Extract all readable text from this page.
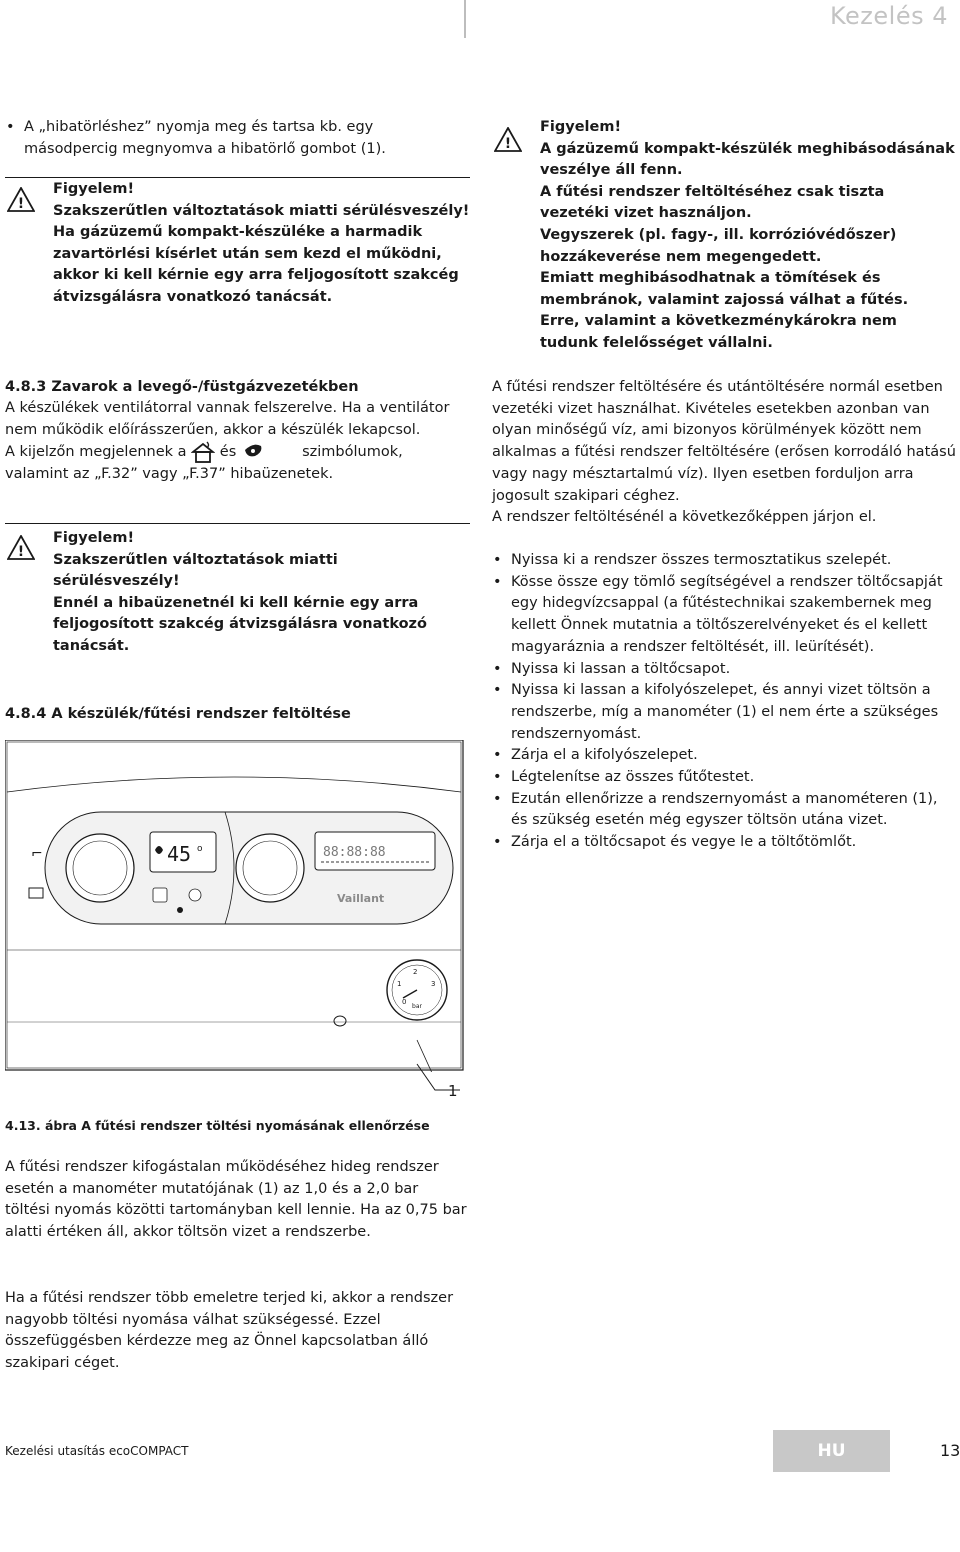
Kezelés 4
• A „hibatörléshez” nyomja meg és tartsa kb. egy másodpercig megnyomva a hibatörlő gombot (1).
!

Figyelem!

Szakszerűtlen változtatások miatti sérülésveszély!

Ha gázüzemű kompakt-készüléke a harmadik zavartörlési kísérlet után sem kezd el működni, akkor ki kell kérnie egy arra feljogosított szakcég átvizsgálásra vonatkozó tanácsát.

4.8.3 Zavarok a levegő-/füstgázvezetékben

A készülékek ventilátorral vannak felszerelve. Ha a ventilátor nem működik előírásszerűen, akkor a készülék lekapcsol.

A kijelzőn megjelennek a és	szimbólumok,
valamint az „F.32” vagy „F.37” hibaüzenetek.

!

Figyelem!

Szakszerűtlen változtatások miatti sérülésveszély!

Ennél a hibaüzenetnél ki kell kérnie egy arra feljogosított szakcég átvizsgálásra vonatkozó tanácsát.

4.8.4 A készülék/fűtési rendszer feltöltése
45 o
⌐	88:88:88
Vaillant
0
1
2
3
bar
1
4.13. ábra A fűtési rendszer töltési nyomásának ellenőrzése

A fűtési rendszer kifogástalan működéséhez hideg rendszer esetén a manométer mutatójának (1) az 1,0 és a 2,0 bar töltési nyomás közötti tartományban kell lennie. Ha az 0,75 bar alatti értéken áll, akkor töltsön vizet a rendszerbe.

Ha a fűtési rendszer több emeletre terjed ki, akkor a rendszer nagyobb töltési nyomása válhat szükségessé. Ezzel összefüggésben kérdezze meg az Önnel kapcsolatban álló szakipari céget.

!

Figyelem!

A gázüzemű kompakt-készülék meghibásodásának veszélye áll fenn.

A fűtési rendszer feltöltéséhez csak tiszta vezetéki vizet használjon.

Vegyszerek (pl. fagy-, ill. korrózióvédőszer) hozzákeverése nem megengedett.

Emiatt meghibásodhatnak a tömítések és membránok, valamint zajossá válhat a fűtés.

Erre, valamint a következménykárokra nem tudunk felelősséget vállalni.

A fűtési rendszer feltöltésére és utántöltésére normál esetben vezetéki vizet használhat. Kivételes esetekben azonban van olyan minőségű víz, ami bizonyos körülmények között nem alkalmas a fűtési rendszer feltöltésére (erősen korrodáló hatású vagy nagy mésztartalmú víz). Ilyen esetben forduljon arra jogosult szakipari céghez.

A rendszer feltöltésénél a következőképpen járjon el.

• Nyissa ki a rendszer összes termosztatikus szelepét.
• Kösse össze egy tömlő segítségével a rendszer töltőcsapját egy hidegvízcsappal (a fűtéstechnikai szakembernek meg kellett Önnek mutatnia a töltőszerelvényeket és el kellett magyaráznia a rendszer feltöltését, ill. leürítését).
• Nyissa ki lassan a töltőcsapot.
• Nyissa ki lassan a kifolyószelepet, és annyi vizet töltsön a rendszerbe, míg a manométer (1) el nem érte a szükséges rendszernyomást.
• Zárja el a kifolyószelepet.
• Légtelenítse az összes fűtőtestet.
• Ezután ellenőrizze a rendszernyomást a manométeren (1), és szükség esetén még egyszer töltsön utána vizet.
• Zárja el a töltőcsapot és vegye le a töltőtömlőt.
Kezelési utasítás ecoCOMPACT	HU	13
